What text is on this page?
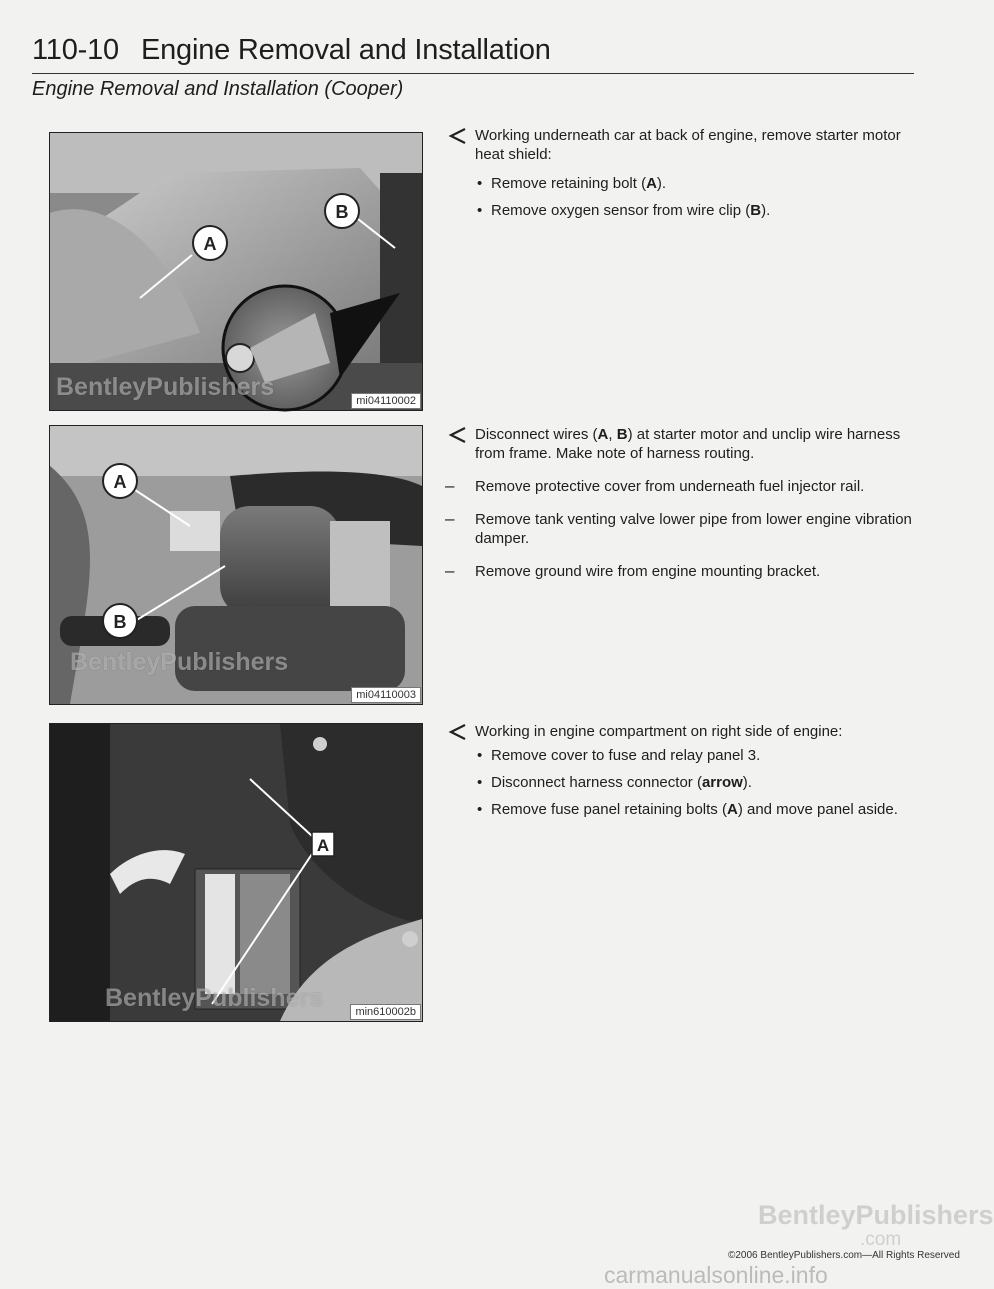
110-10 Engine Removal and Installation
Engine Removal and Installation (Cooper)
A
B
BentleyPublishers	mi04110002
A
B
BentleyPublishers
mi04110003
A
BentleyPublishers	min610002b
Working underneath car at back of engine, remove starter motor heat shield:
• Remove retaining bolt (A).
• Remove oxygen sensor from wire clip (B).
Disconnect wires (A, B) at starter motor and unclip wire harness from frame. Make note of harness routing.
– Remove protective cover from underneath fuel injector rail.
– Remove tank venting valve lower pipe from lower engine vibration damper.
– Remove ground wire from engine mounting bracket.
Working in engine compartment on right side of engine:
• Remove cover to fuse and relay panel 3.
• Disconnect harness connector (arrow).
• Remove fuse panel retaining bolts (A) and move panel aside.
BentleyPublishers
.com
©2006 BentleyPublishers.com—All Rights Reserved
carmanualsonline.info
